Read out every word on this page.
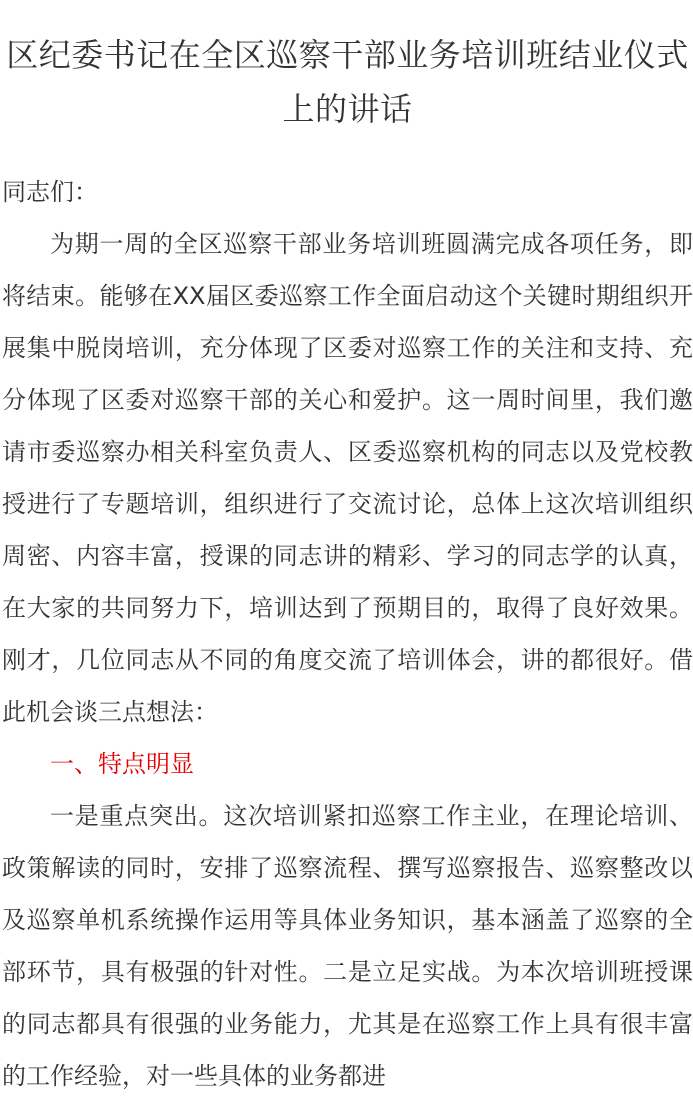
区纪委书记在全区巡察干部业务培训班结业仪式上的讲话

同志们：

为期一周的全区巡察干部业务培训班圆满完成各项任务，即将结束。能够在XX届区委巡察工作全面启动这个关键时期组织开展集中脱岗培训，充分体现了区委对巡察工作的关注和支持、充分体现了区委对巡察干部的关心和爱护。这一周时间里，我们邀请市委巡察办相关科室负责人、区委巡察机构的同志以及党校教授进行了专题培训，组织进行了交流讨论，总体上这次培训组织周密、内容丰富，授课的同志讲的精彩、学习的同志学的认真，在大家的共同努力下，培训达到了预期目的，取得了良好效果。刚才，几位同志从不同的角度交流了培训体会，讲的都很好。借此机会谈三点想法：

一、特点明显

一是重点突出。这次培训紧扣巡察工作主业，在理论培训、政策解读的同时，安排了巡察流程、撰写巡察报告、巡察整改以及巡察单机系统操作运用等具体业务知识，基本涵盖了巡察的全部环节，具有极强的针对性。二是立足实战。为本次培训班授课的同志都具有很强的业务能力，尤其是在巡察工作上具有很丰富的工作经验，对一些具体的业务都进
